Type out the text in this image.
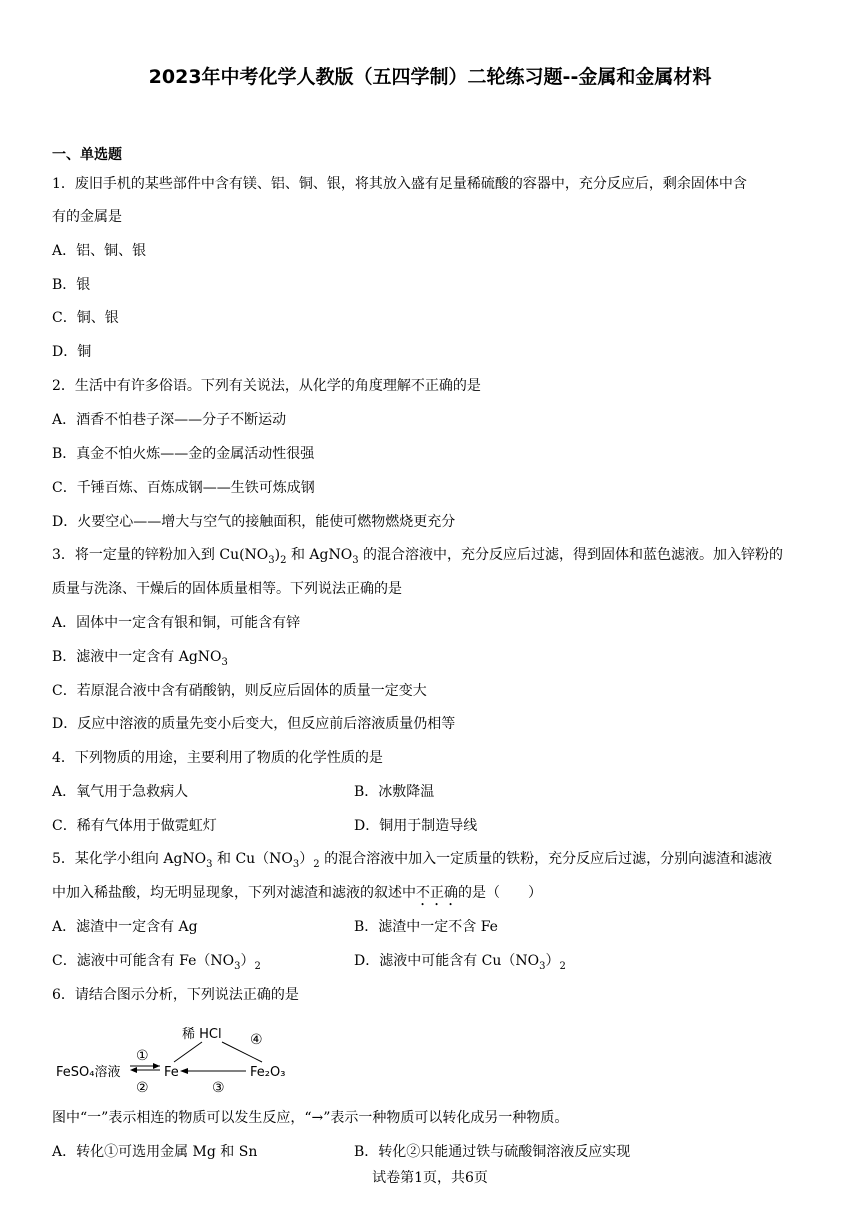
2023年中考化学人教版（五四学制）二轮练习题--金属和金属材料
一、单选题
1．废旧手机的某些部件中含有镁、铝、铜、银，将其放入盛有足量稀硫酸的容器中，充分反应后，剩余固体中含
有的金属是
A．铝、铜、银
B．银
C．铜、银
D．铜
2．生活中有许多俗语。下列有关说法，从化学的角度理解不正确的是
A．酒香不怕巷子深——分子不断运动
B．真金不怕火炼——金的金属活动性很强
C．千锤百炼、百炼成钢——生铁可炼成钢
D．火要空心——增大与空气的接触面积，能使可燃物燃烧更充分
3．将一定量的锌粉加入到 $Cu(NO_3)_2$ 和 AgNO$_3$ 的混合溶液中，充分反应后过滤，得到固体和蓝色滤液。加入锌粉的
质量与洗涤、干燥后的固体质量相等。下列说法正确的是
A．固体中一定含有银和铜，可能含有锌
B．滤液中一定含有 AgNO$_3$
C．若原混合液中含有硝酸钠，则反应后固体的质量一定变大
D．反应中溶液的质量先变小后变大，但反应前后溶液质量仍相等
4．下列物质的用途，主要利用了物质的化学性质的是
A．氧气用于急救病人	B．冰敷降温
C．稀有气体用于做霓虹灯	D．铜用于制造导线
5．某化学小组向 AgNO$_3$ 和 $Cu(NO_3)_2$ 的混合溶液中加入一定质量的铁粉，充分反应后过滤，分别向滤渣和滤液
中加入稀盐酸，均无明显现象，下列对滤渣和滤液的叙述中不正确的是（　　）
A．滤渣中一定含有 Ag	B．滤渣中一定不含 Fe
C．滤液中可能含有 $Fe(NO_3)_2$	D．滤液中可能含有 $Cu(NO_3)_2$
6．请结合图示分析，下列说法正确的是
稀 HCl ④
FeSO₄溶液	Fe	Fe₂O₃
①
②	③
图中“一”表示相连的物质可以发生反应，“→”表示一种物质可以转化成另一种物质。
A．转化①可选用金属 Mg 和 Sn	B．转化②只能通过铁与硫酸铜溶液反应实现
试卷第1页，共6页
